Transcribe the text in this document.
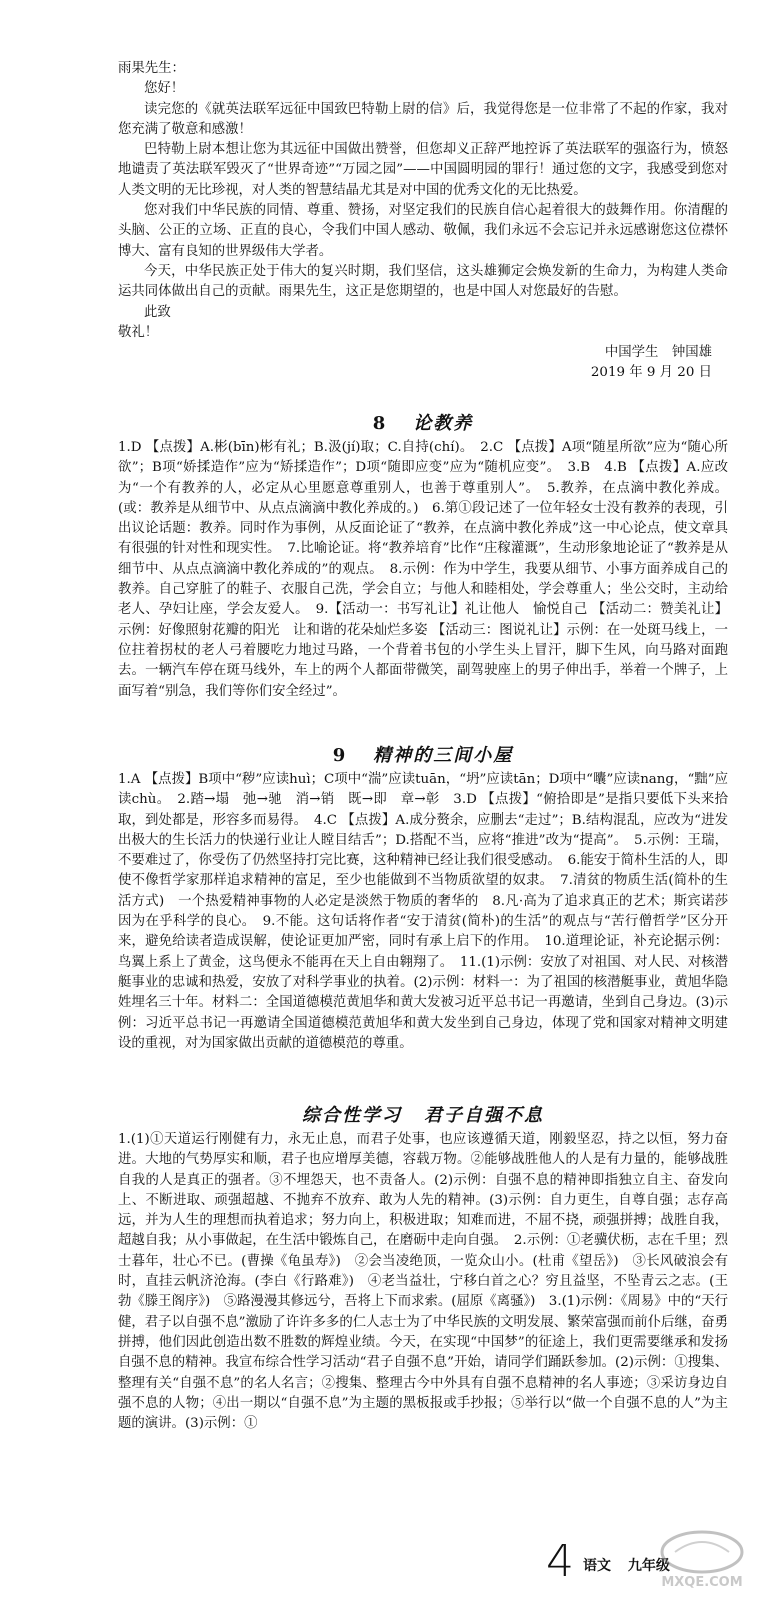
雨果先生：

您好！

读完您的《就英法联军远征中国致巴特勒上尉的信》后，我觉得您是一位非常了不起的作家，我对您充满了敬意和感激！

巴特勒上尉本想让您为其远征中国做出赞誉，但您却义正辞严地控诉了英法联军的强盗行为，愤怒地谴责了英法联军毁灭了“世界奇迹”“万园之园”——中国圆明园的罪行！通过您的文字，我感受到您对人类文明的无比珍视，对人类的智慧结晶尤其是对中国的优秀文化的无比热爱。

您对我们中华民族的同情、尊重、赞扬，对坚定我们的民族自信心起着很大的鼓舞作用。你清醒的头脑、公正的立场、正直的良心，令我们中国人感动、敬佩，我们永远不会忘记并永远感谢您这位襟怀博大、富有良知的世界级伟大学者。

今天，中华民族正处于伟大的复兴时期，我们坚信，这头雄狮定会焕发新的生命力，为构建人类命运共同体做出自己的贡献。雨果先生，这正是您期望的，也是中国人对您最好的告慰。

此致

敬礼！

中国学生　钟国雄

2019 年 9 月 20 日

8 论教养

1.D 【点拨】A.彬(bīn)彬有礼；B.汲(jí)取；C.自持(chí)。　2.C 【点拨】A项“随星所欲”应为“随心所欲”；B项“娇揉造作”应为“矫揉造作”；D项“随即应变”应为“随机应变”。　3.B　4.B 【点拨】A.应改为“一个有教养的人，必定从心里愿意尊重别人，也善于尊重别人”。　5.教养，在点滴中教化养成。(或：教养是从细节中、从点点滴滴中教化养成的。)　6.第①段记述了一位年轻女士没有教养的表现，引出议论话题：教养。同时作为事例，从反面论证了“教养，在点滴中教化养成”这一中心论点，使文章具有很强的针对性和现实性。　7.比喻论证。将“教养培育”比作“庄稼灌溉”，生动形象地论证了“教养是从细节中、从点点滴滴中教化养成的”的观点。　8.示例：作为中学生，我要从细节、小事方面养成自己的教养。自己穿脏了的鞋子、衣服自己洗，学会自立；与他人和睦相处，学会尊重人；坐公交时，主动给老人、孕妇让座，学会友爱人。　9.【活动一：书写礼让】礼让他人　愉悦自己 【活动二：赞美礼让】示例：好像照射花瓣的阳光　让和谐的花朵灿烂多姿 【活动三：图说礼让】示例：在一处斑马线上，一位拄着拐杖的老人弓着腰吃力地过马路，一个背着书包的小学生头上冒汗，脚下生风，向马路对面跑去。一辆汽车停在斑马线外，车上的两个人都面带微笑，副驾驶座上的男子伸出手，举着一个牌子，上面写着“别急，我们等你们安全经过”。

9 精神的三间小屋

1.A 【点拨】B项中“秽”应读huì；C项中“湍”应读tuān，“坍”应读tān；D项中“囔”应读nang，“黜”应读chù。　2.踏→塌　弛→驰　消→销　既→即　章→彰　3.D 【点拨】“俯拾即是”是指只要低下头来拾取，到处都是，形容多而易得。　4.C 【点拨】A.成分赘余，应删去“走过”；B.结构混乱，应改为“进发出极大的生长活力的快递行业让人瞠目结舌”；D.搭配不当，应将“推进”改为“提高”。　5.示例：王瑞，不要难过了，你受伤了仍然坚持打完比赛，这种精神已经让我们很受感动。　6.能安于简朴生活的人，即使不像哲学家那样追求精神的富足，至少也能做到不当物质欲望的奴隶。　7.清贫的物质生活(简朴的生活方式)　一个热爱精神事物的人必定是淡然于物质的奢华的　8.凡·高为了追求真正的艺术；斯宾诺莎因为在乎科学的良心。　9.不能。这句话将作者“安于清贫(简朴)的生活”的观点与“苦行僧哲学”区分开来，避免给读者造成误解，使论证更加严密，同时有承上启下的作用。　10.道理论证，补充论据示例：鸟翼上系上了黄金，这鸟便永不能再在天上自由翱翔了。　11.(1)示例：安放了对祖国、对人民、对核潜艇事业的忠诚和热爱，安放了对科学事业的执着。(2)示例：材料一：为了祖国的核潜艇事业，黄旭华隐姓埋名三十年。材料二：全国道德模范黄旭华和黄大发被习近平总书记一再邀请，坐到自己身边。(3)示例：习近平总书记一再邀请全国道德模范黄旭华和黄大发坐到自己身边，体现了党和国家对精神文明建设的重视，对为国家做出贡献的道德模范的尊重。

综合性学习 君子自强不息

1.(1)①天道运行刚健有力，永无止息，而君子处事，也应该遵循天道，刚毅坚忍，持之以恒，努力奋进。大地的气势厚实和顺，君子也应增厚美德，容载万物。②能够战胜他人的人是有力量的，能够战胜自我的人是真正的强者。③不埋怨天，也不责备人。(2)示例：自强不息的精神即指独立自主、奋发向上、不断进取、顽强超越、不抛弃不放弃、敢为人先的精神。(3)示例：自力更生，自尊自强；志存高远，并为人生的理想而执着追求；努力向上，积极进取；知难而进，不屈不挠，顽强拼搏；战胜自我，超越自我；从小事做起，在生活中锻炼自己，在磨砺中走向自强。　2.示例：①老骥伏枥，志在千里；烈士暮年，壮心不已。(曹操《龟虽寿》)　②会当凌绝顶，一览众山小。(杜甫《望岳》)　③长风破浪会有时，直挂云帆济沧海。(李白《行路难》)　④老当益壮，宁移白首之心？穷且益坚，不坠青云之志。(王勃《滕王阁序》)　⑤路漫漫其修远兮，吾将上下而求索。(屈原《离骚》)　3.(1)示例：《周易》中的“天行健，君子以自强不息”激励了许许多多的仁人志士为了中华民族的文明发展、繁荣富强而前仆后继，奋勇拼搏，他们因此创造出数不胜数的辉煌业绩。今天，在实现“中国梦”的征途上，我们更需要继承和发扬自强不息的精神。我宣布综合性学习活动“君子自强不息”开始，请同学们踊跃参加。(2)示例：①搜集、整理有关“自强不息”的名人名言；②搜集、整理古今中外具有自强不息精神的名人事迹；③采访身边自强不息的人物；④出一期以“自强不息”为主题的黑板报或手抄报；⑤举行以“做一个自强不息的人”为主题的演讲。(3)示例：①

4 语文 九年级
MXQE.COM
